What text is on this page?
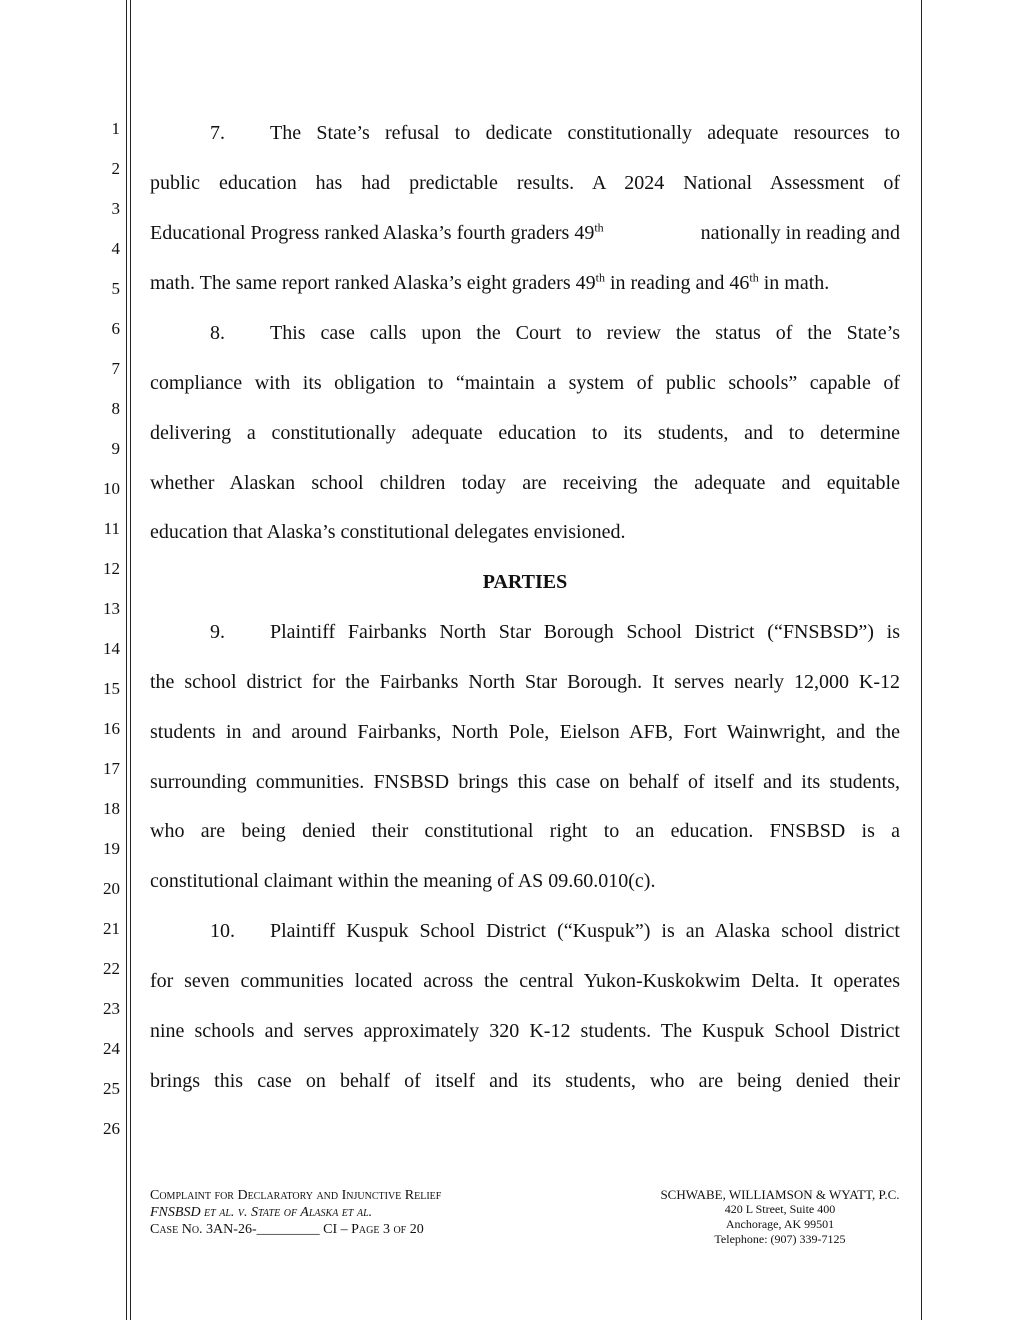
1
2
3
4
5
6
7
8
9
10
11
12
13
14
15
16
17
18
19
20
21
22
23
24
25
26
7.	The State’s refusal to dedicate constitutionally adequate resources to
public education has had predictable results. A 2024 National Assessment of
Educational Progress ranked Alaska’s fourth graders 49th	nationally in reading and
math. The same report ranked Alaska’s eight graders 49th in reading and 46th in math.
8.	This case calls upon the Court to review the status of the State’s
compliance with its obligation to “maintain a system of public schools” capable of
delivering a constitutionally adequate education to its students, and to determine
whether Alaskan school children today are receiving the adequate and equitable
education that Alaska’s constitutional delegates envisioned.
PARTIES
9.	Plaintiff Fairbanks North Star Borough School District (“FNSBSD”) is
the school district for the Fairbanks North Star Borough. It serves nearly 12,000 K-12
students in and around Fairbanks, North Pole, Eielson AFB, Fort Wainwright, and the
surrounding communities. FNSBSD brings this case on behalf of itself and its students,
who are being denied their constitutional right to an education. FNSBSD is a
constitutional claimant within the meaning of AS 09.60.010(c).
10.	Plaintiff Kuspuk School District (“Kuspuk”) is an Alaska school district
for seven communities located across the central Yukon-Kuskokwim Delta. It operates
nine schools and serves approximately 320 K-12 students. The Kuspuk School District
brings this case on behalf of itself and its students, who are being denied their
Complaint for Declaratory and Injunctive Relief
FNSBSD et al. v. State of Alaska et al.
Case No. 3AN-26-_________ CI – Page 3 of 20
SCHWABE, WILLIAMSON & WYATT, P.C.
420 L Street, Suite 400
Anchorage, AK 99501
Telephone: (907) 339-7125
